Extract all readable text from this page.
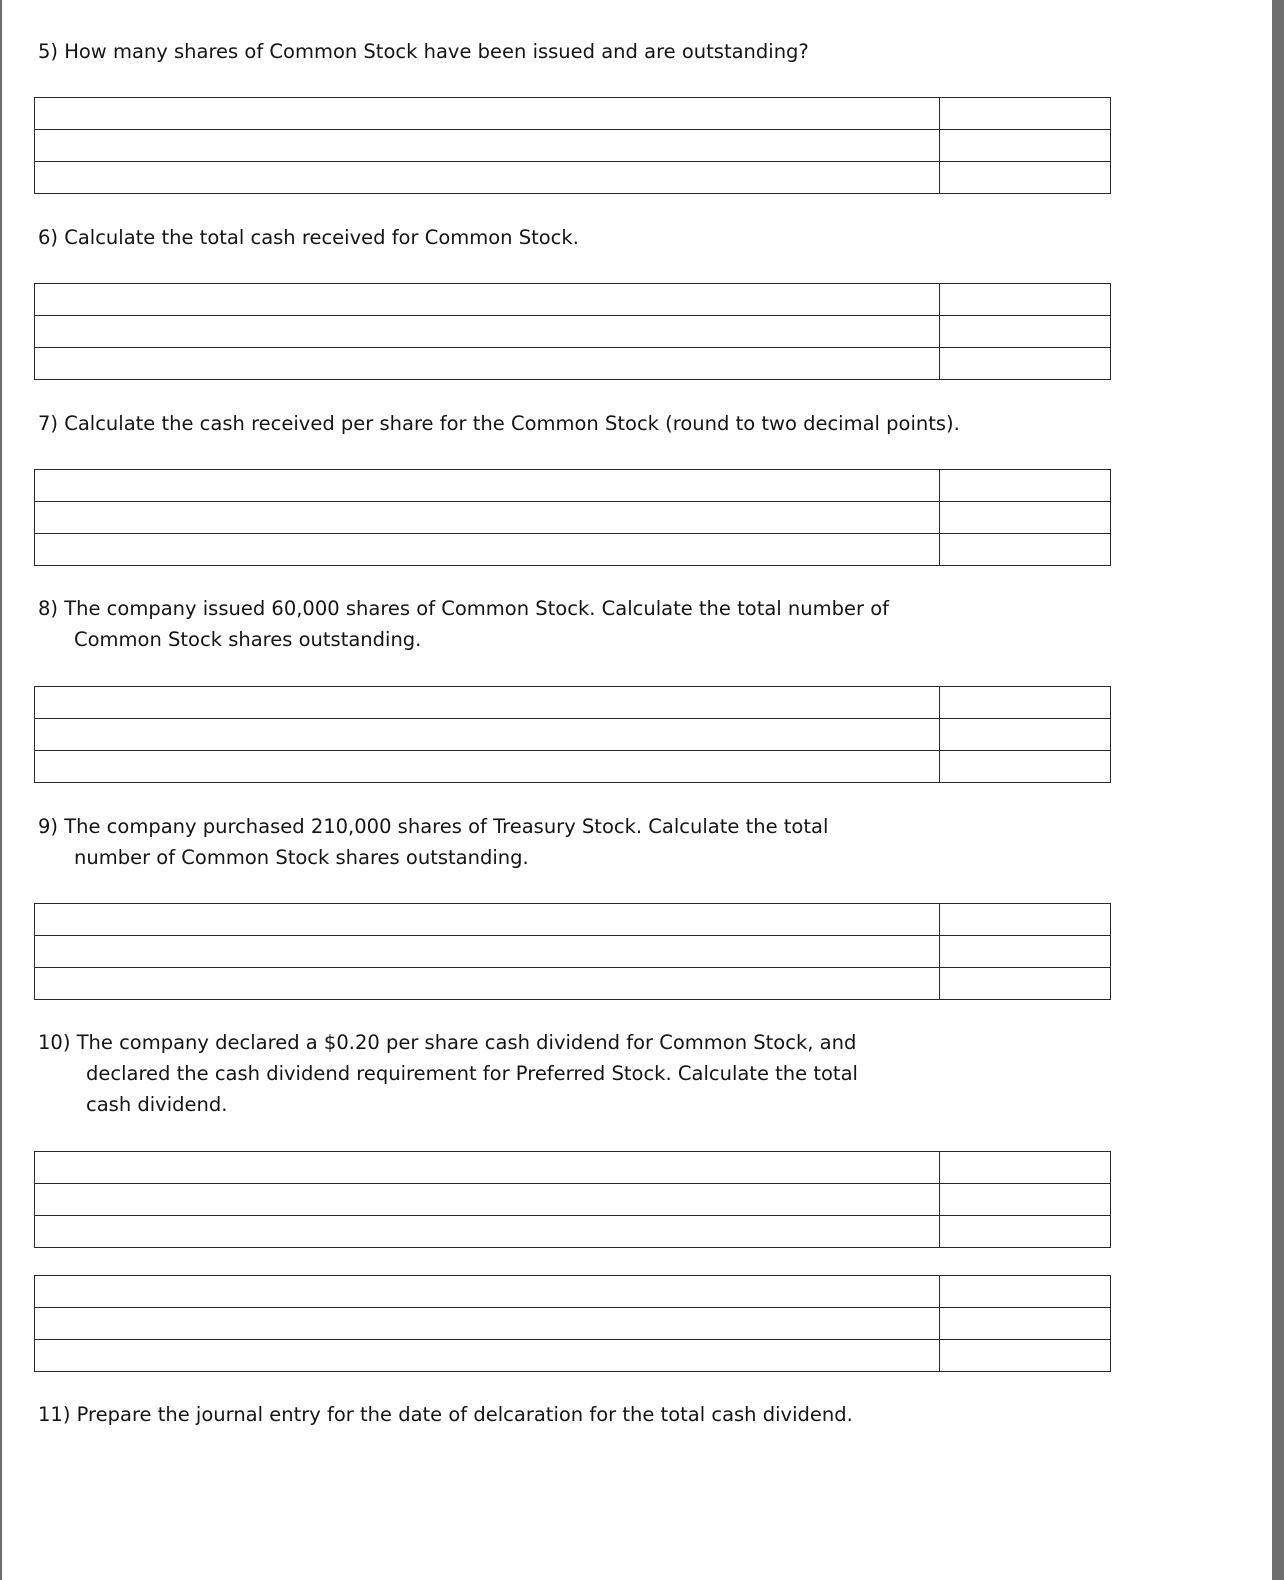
5) How many shares of Common Stock have been issued and are outstanding?

6) Calculate the total cash received for Common Stock.

7) Calculate the cash received per share for the Common Stock (round to two decimal points).

8) The company issued 60,000 shares of Common Stock. Calculate the total number of
Common Stock shares outstanding.

9) The company purchased 210,000 shares of Treasury Stock. Calculate the total
number of Common Stock shares outstanding.

10) The company declared a $0.20 per share cash dividend for Common Stock, and
declared the cash dividend requirement for Preferred Stock. Calculate the total
cash dividend.

11) Prepare the journal entry for the date of delcaration for the total cash dividend.
